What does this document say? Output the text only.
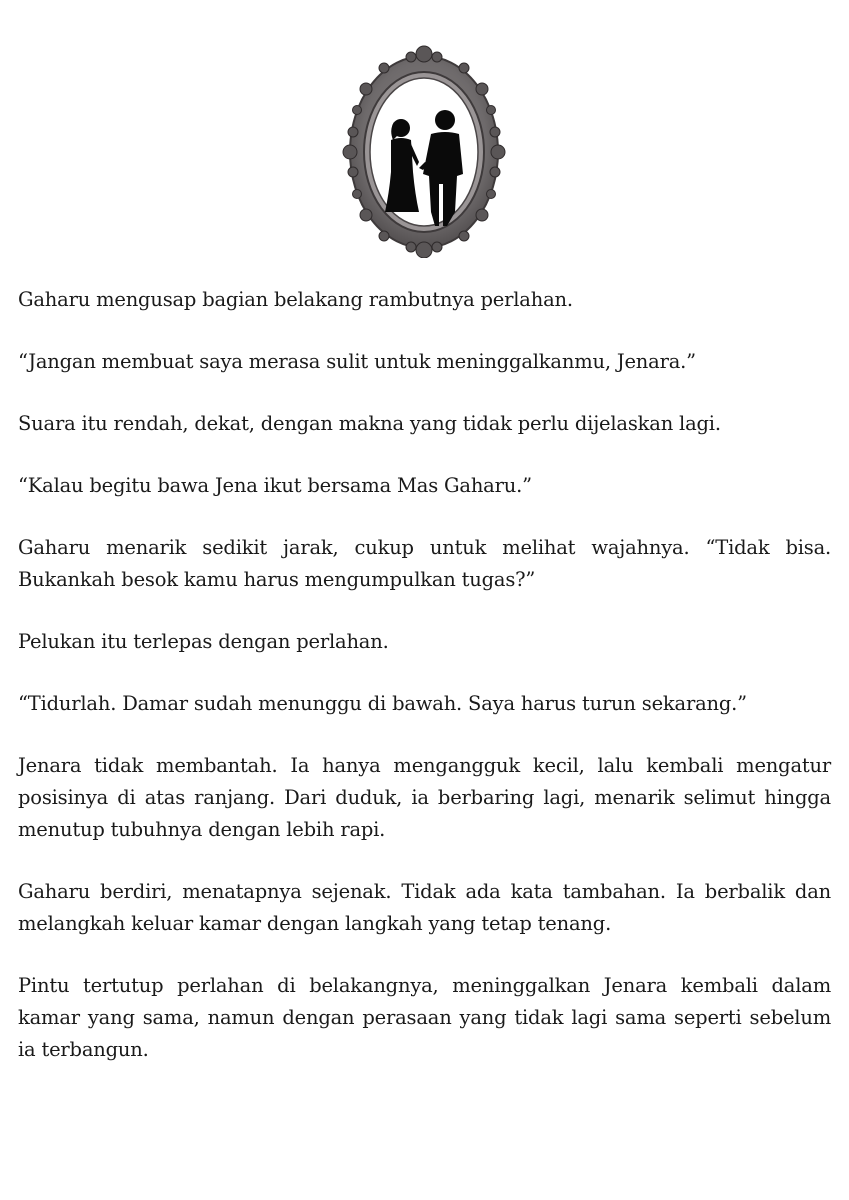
Gaharu mengusap bagian belakang rambutnya perlahan.

“Jangan membuat saya merasa sulit untuk meninggalkanmu, Jenara.”

Suara itu rendah, dekat, dengan makna yang tidak perlu dijelaskan lagi.

“Kalau begitu bawa Jena ikut bersama Mas Gaharu.”

Gaharu menarik sedikit jarak, cukup untuk melihat wajahnya. “Tidak bisa. Bukankah besok kamu harus mengumpulkan tugas?”

Pelukan itu terlepas dengan perlahan.

“Tidurlah. Damar sudah menunggu di bawah. Saya harus turun sekarang.”

Jenara tidak membantah. Ia hanya mengangguk kecil, lalu kembali mengatur posisinya di atas ranjang. Dari duduk, ia berbaring lagi, menarik selimut hingga menutup tubuhnya dengan lebih rapi.

Gaharu berdiri, menatapnya sejenak. Tidak ada kata tambahan. Ia berbalik dan melangkah keluar kamar dengan langkah yang tetap tenang.

Pintu tertutup perlahan di belakangnya, meninggalkan Jenara kembali dalam kamar yang sama, namun dengan perasaan yang tidak lagi sama seperti sebelum ia terbangun.
